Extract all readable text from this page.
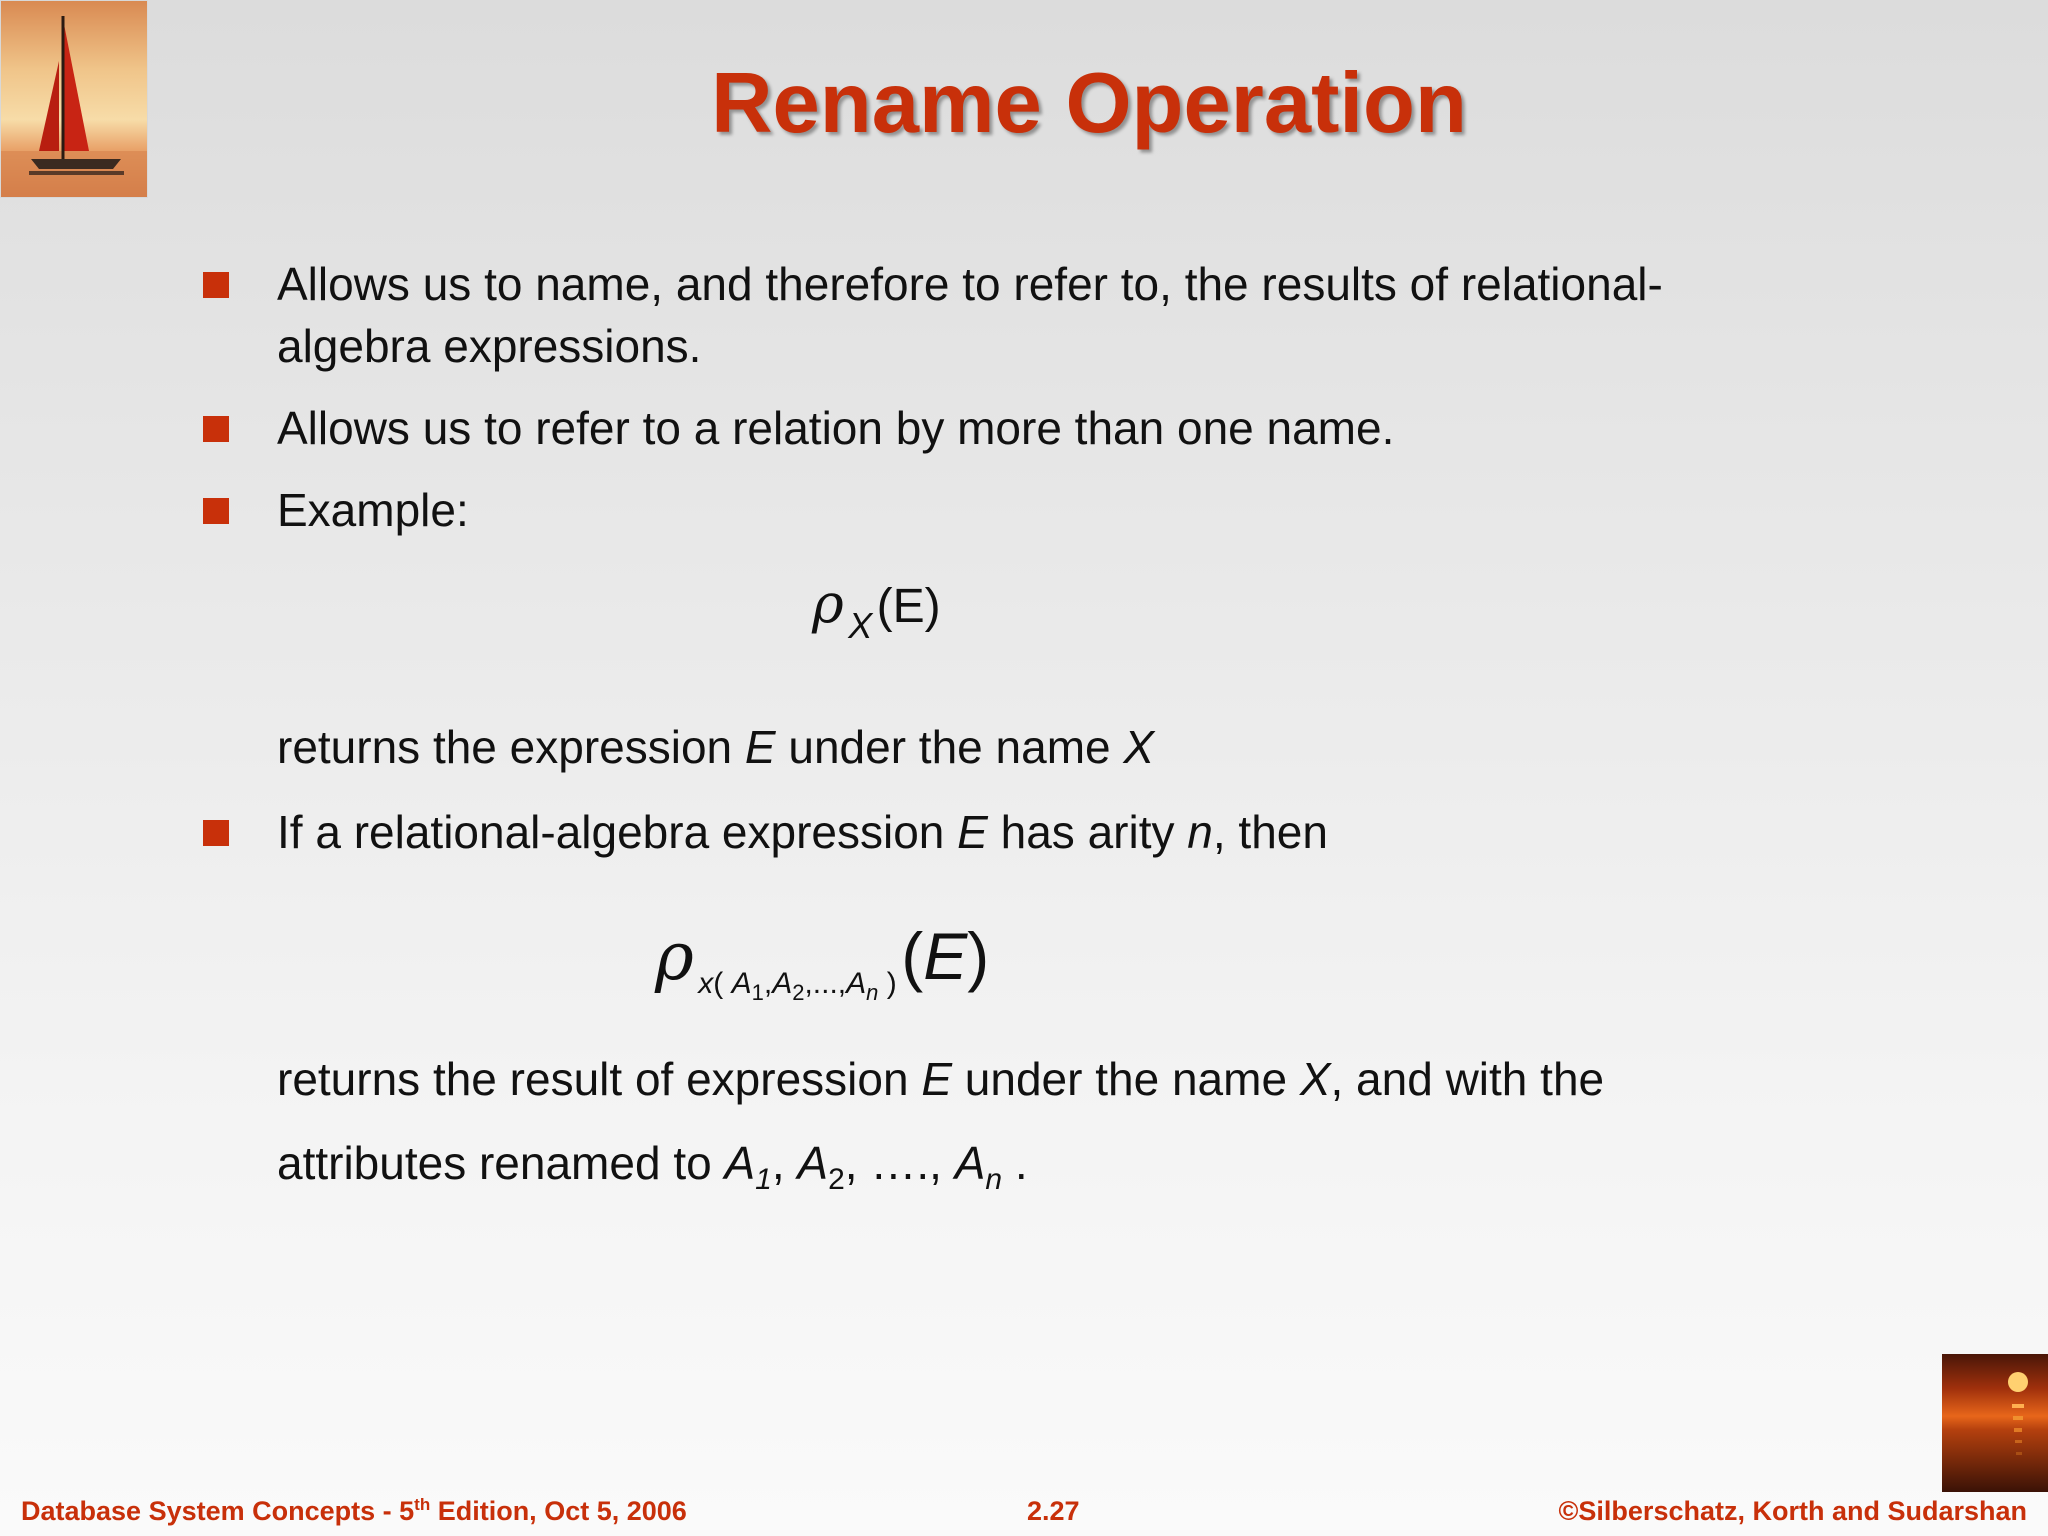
Rename Operation
Allows us to name, and therefore to refer to, the results of relational-
algebra expressions.
Allows us to refer to a relation by more than one name.
Example:
ρ X (E)
returns the expression E under the name X
If a relational-algebra expression E has arity n, then
ρ x( $A_1,A_2,...,A_n$ ) (E)
returns the result of expression E under the name X, and with the
attributes renamed to $A_1$, $A_2$, …., $A_n$ .
Database System Concepts - 5th Edition, Oct 5, 2006	2.27	©Silberschatz, Korth and Sudarshan
